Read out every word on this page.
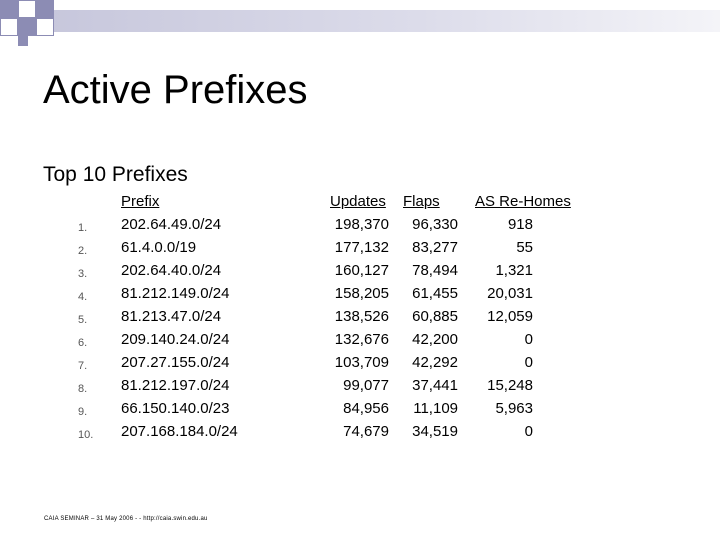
Active Prefixes
Top 10 Prefixes
Prefix	Updates Flaps AS Re-Homes
1. 202.64.49.0/24	198,370 96,330	918
2. 61.4.0.0/19	177,132 83,277	55
3. 202.64.40.0/24	160,127 78,494	1,321
4. 81.212.149.0/24	158,205 61,455	20,031
5. 81.213.47.0/24	138,526 60,885	12,059
6. 209.140.24.0/24	132,676 42,200	0
7. 207.27.155.0/24	103,709 42,292	0
8. 81.212.197.0/24	99,077 37,441	15,248
9. 66.150.140.0/23	84,956	11,109	5,963
10. 207.168.184.0/24	74,679 34,519	0
CAIA SEMINAR – 31 May 2006 - - http://caia.swin.edu.au
